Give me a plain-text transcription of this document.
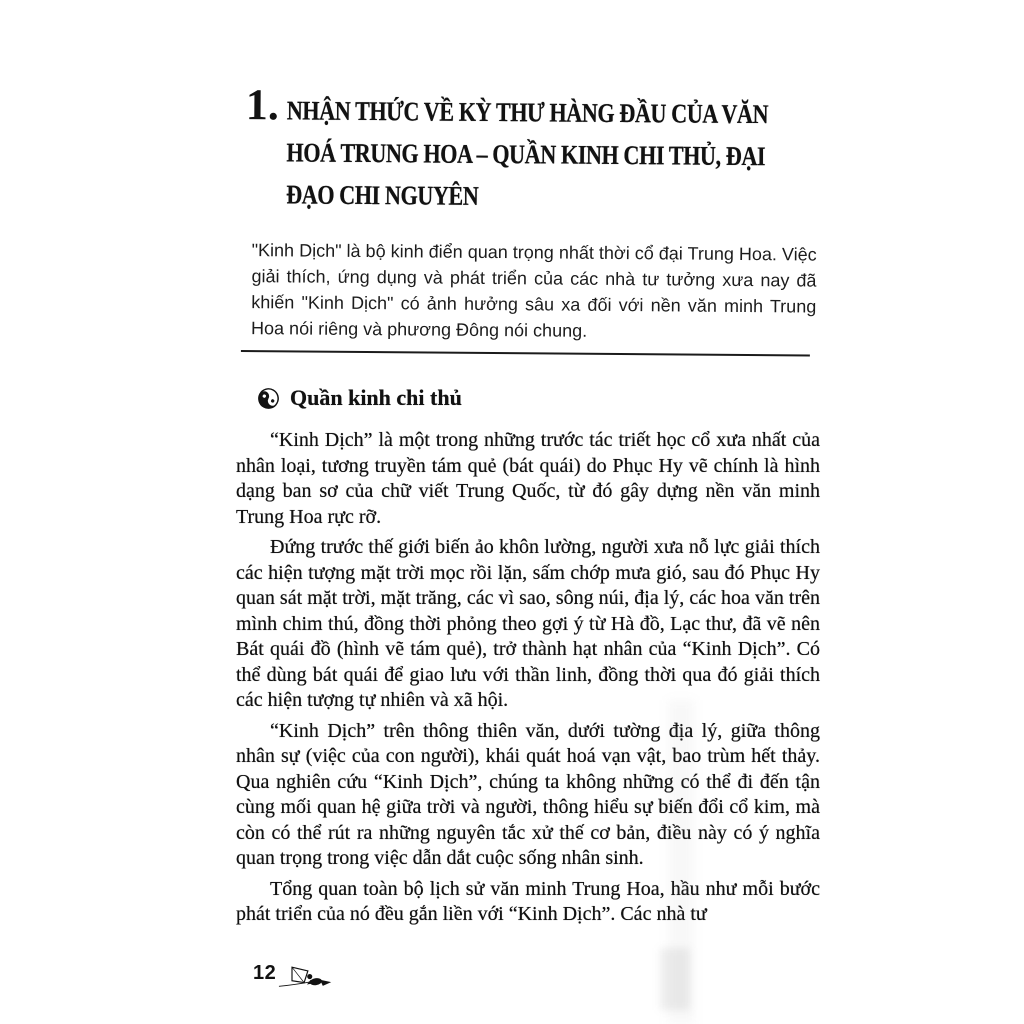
1. NHẬN THỨC VỀ KỲ THƯ HÀNG ĐẦU CỦA VĂN
HOÁ TRUNG HOA – QUẦN KINH CHI THỦ, ĐẠI
ĐẠO CHI NGUYÊN
"Kinh Dịch" là bộ kinh điển quan trọng nhất thời cổ đại Trung Hoa. Việc giải thích, ứng dụng và phát triển của các nhà tư tưởng xưa nay đã khiến "Kinh Dịch" có ảnh hưởng sâu xa đối với nền văn minh Trung Hoa nói riêng và phương Đông nói chung.
Quần kinh chi thủ

“Kinh Dịch” là một trong những trước tác triết học cổ xưa nhất của nhân loại, tương truyền tám quẻ (bát quái) do Phục Hy vẽ chính là hình dạng ban sơ của chữ viết Trung Quốc, từ đó gây dựng nền văn minh Trung Hoa rực rỡ.

Đứng trước thế giới biến ảo khôn lường, người xưa nỗ lực giải thích các hiện tượng mặt trời mọc rồi lặn, sấm chớp mưa gió, sau đó Phục Hy quan sát mặt trời, mặt trăng, các vì sao, sông núi, địa lý, các hoa văn trên mình chim thú, đồng thời phỏng theo gợi ý từ Hà đồ, Lạc thư, đã vẽ nên Bát quái đồ (hình vẽ tám quẻ), trở thành hạt nhân của “Kinh Dịch”. Có thể dùng bát quái để giao lưu với thần linh, đồng thời qua đó giải thích các hiện tượng tự nhiên và xã hội.

“Kinh Dịch” trên thông thiên văn, dưới tường địa lý, giữa thông nhân sự (việc của con người), khái quát hoá vạn vật, bao trùm hết thảy. Qua nghiên cứu “Kinh Dịch”, chúng ta không những có thể đi đến tận cùng mối quan hệ giữa trời và người, thông hiểu sự biến đổi cổ kim, mà còn có thể rút ra những nguyên tắc xử thế cơ bản, điều này có ý nghĩa quan trọng trong việc dẫn dắt cuộc sống nhân sinh.

Tổng quan toàn bộ lịch sử văn minh Trung Hoa, hầu như mỗi bước phát triển của nó đều gắn liền với “Kinh Dịch”. Các nhà tư

12
